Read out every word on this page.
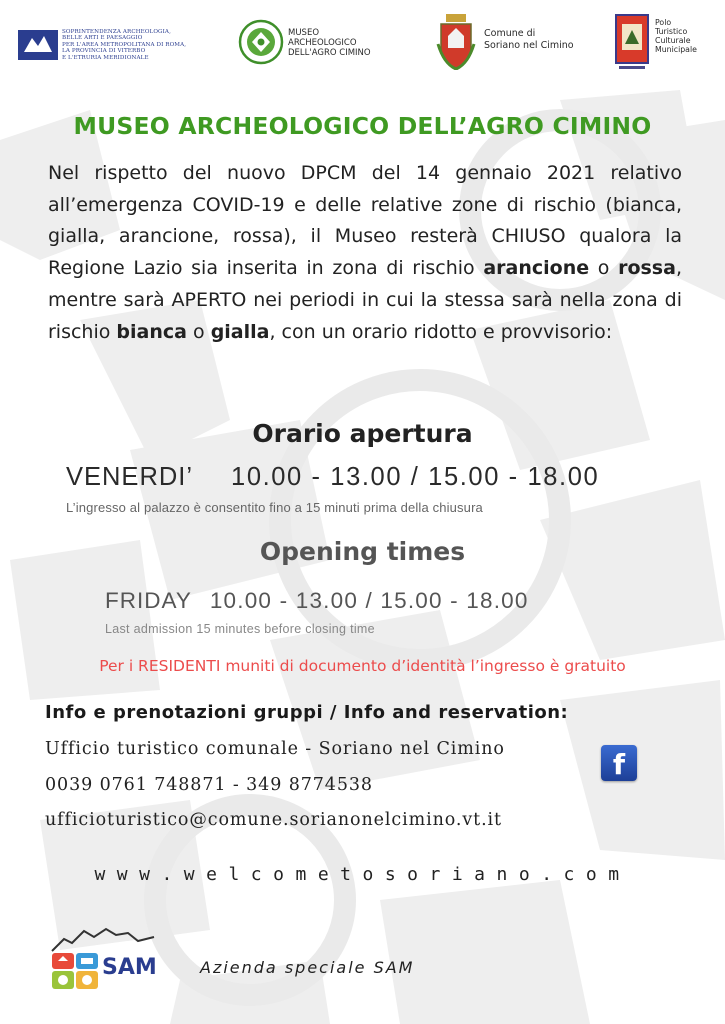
SOPRINTENDENZA ARCHEOLOGIA,
BELLE ARTI E PAESAGGIO
PER L'AREA METROPOLITANA DI ROMA,
LA PROVINCIA DI VITERBO
E L'ETRURIA MERIDIONALE
MUSEO ARCHEOLOGICO
DELL'AGRO CIMINO
Comune di
Soriano nel Cimino
Polo
Turistico
Culturale
Municipale
MUSEO ARCHEOLOGICO DELL’AGRO CIMINO
Nel rispetto del nuovo DPCM del 14 gennaio 2021 relativo all’emergenza COVID-19 e delle relative zone di rischio (bianca, gialla, arancione, rossa), il Museo resterà CHIUSO qualora la Regione Lazio sia inserita in zona di rischio arancione o rossa, mentre sarà APERTO nei periodi in cui la stessa sarà nella zona di rischio bianca o gialla, con un orario ridotto e provvisorio:
Orario apertura
VENERDI’ 10.00 - 13.00 / 15.00 - 18.00
L’ingresso al palazzo è consentito fino a 15 minuti prima della chiusura
Opening times
FRIDAY 10.00 - 13.00 / 15.00 - 18.00
Last admission 15 minutes before closing time
Per i RESIDENTI muniti di documento d’identità l’ingresso è gratuito
Info e prenotazioni gruppi / Info and reservation:
Ufficio turistico comunale - Soriano nel Cimino
0039 0761 748871 - 349 8774538
ufficioturistico@comune.sorianonelcimino.vt.it
f
www.welcometosoriano.com
SAM	Azienda speciale SAM
